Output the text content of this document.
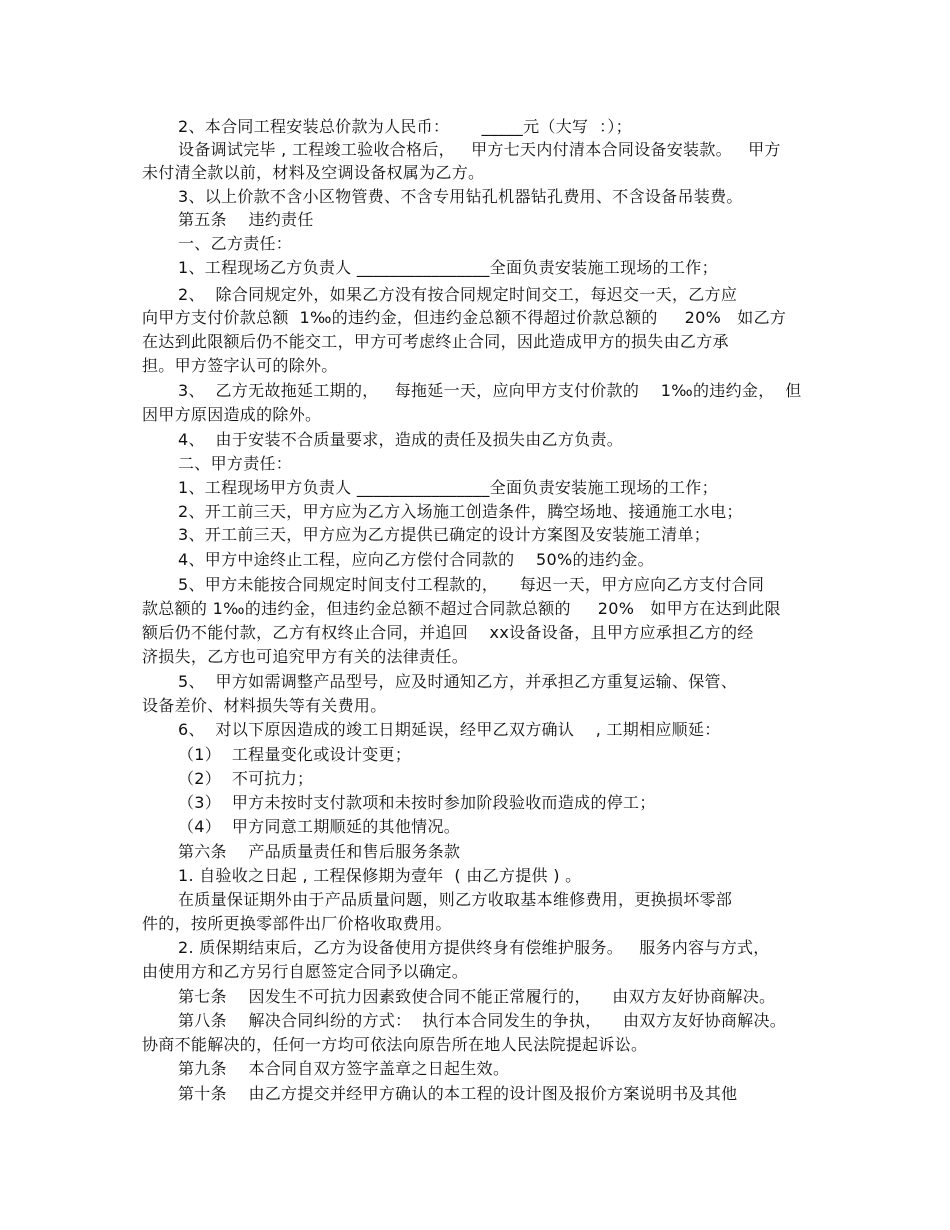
2、本合同工程安装总价款为人民币：      _____元（大写  ：）；
设备调试完毕 , 工程竣工验收合格后，   甲方七天内付清本合同设备安装款。   甲方
未付清全款以前，材料及空调设备权属为乙方。
3、以上价款不含小区物管费、不含专用钻孔机器钻孔费用、不含设备吊装费。
第五条    违约责任
一、乙方责任：
1、工程现场乙方负责人 ________________全面负责安装施工现场的工作；
2、  除合同规定外，如果乙方没有按合同规定时间交工，每迟交一天，乙方应
向甲方支付价款总额  1‰的违约金，但违约金总额不得超过价款总额的     20%   如乙方
在达到此限额后仍不能交工，甲方可考虑终止合同，因此造成甲方的损失由乙方承
担。甲方签字认可的除外。
3、  乙方无故拖延工期的，   每拖延一天，应向甲方支付价款的    1‰的违约金，  但
因甲方原因造成的除外。
4、  由于安装不合质量要求，造成的责任及损失由乙方负责。
二、甲方责任：
1、工程现场甲方负责人 ________________全面负责安装施工现场的工作；
2、开工前三天，甲方应为乙方入场施工创造条件，腾空场地、接通施工水电；
3、开工前三天，甲方应为乙方提供已确定的设计方案图及安装施工清单；
4、甲方中途终止工程，应向乙方偿付合同款的    50%的违约金。
5、甲方未能按合同规定时间支付工程款的，    每迟一天，甲方应向乙方支付合同
款总额的 1‰的违约金，但违约金总额不超过合同款总额的     20%   如甲方在达到此限
额后仍不能付款，乙方有权终止合同，并追回    xx设备设备，且甲方应承担乙方的经
济损失，乙方也可追究甲方有关的法律责任。
5、  甲方如需调整产品型号，应及时通知乙方，并承担乙方重复运输、保管、
设备差价、材料损失等有关费用。
6、  对以下原因造成的竣工日期延误，经甲乙双方确认    , 工期相应顺延：
（1）  工程量变化或设计变更；
（2）  不可抗力；
（3）  甲方未按时支付款项和未按时参加阶段验收而造成的停工；
（4）  甲方同意工期顺延的其他情况。
第六条    产品质量责任和售后服务条款
1. 自验收之日起 , 工程保修期为壹年  ( 由乙方提供 ) 。
在质量保证期外由于产品质量问题，则乙方收取基本维修费用，更换损坏零部
件的，按所更换零部件出厂价格收取费用。
2. 质保期结束后，乙方为设备使用方提供终身有偿维护服务。   服务内容与方式，
由使用方和乙方另行自愿签定合同予以确定。
第七条    因发生不可抗力因素致使合同不能正常履行的，    由双方友好协商解决。
第八条    解决合同纠纷的方式：  执行本合同发生的争执，    由双方友好协商解决。
协商不能解决的，任何一方均可依法向原告所在地人民法院提起诉讼。
第九条    本合同自双方签字盖章之日起生效。
第十条    由乙方提交并经甲方确认的本工程的设计图及报价方案说明书及其他
